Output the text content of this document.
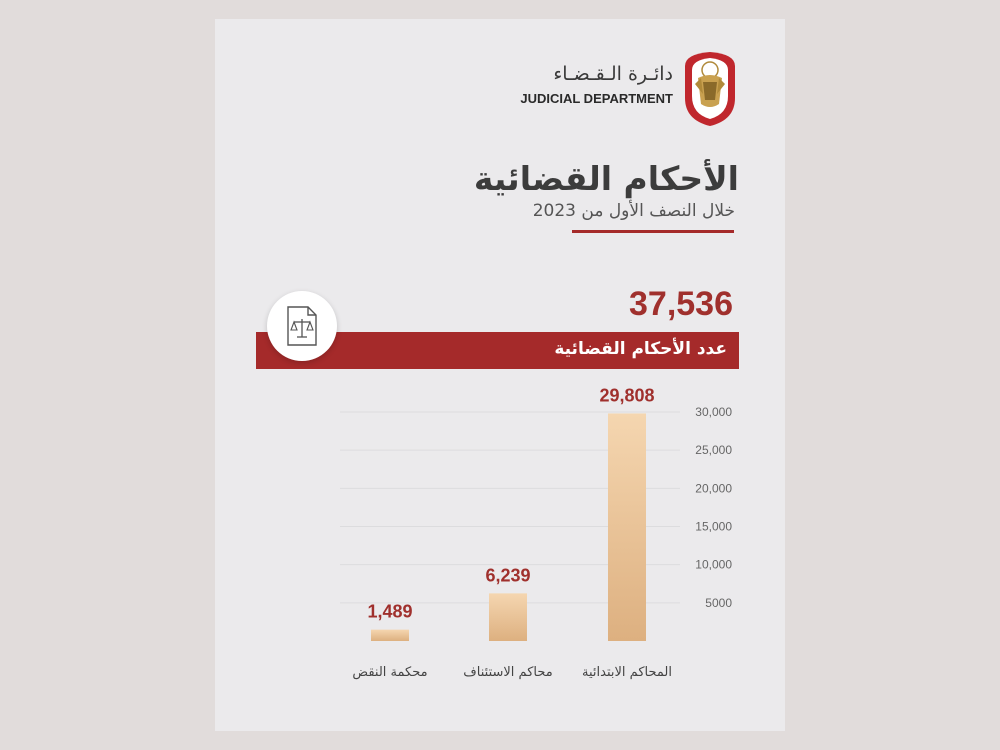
دائـرة الـقـضـاء
JUDICIAL DEPARTMENT
الأحكام القضائية
خلال النصف الأول من 2023
37,536
عدد الأحكام القضائية
5000
10,000
15,000
20,000
25,000
30,000
29,808
المحاكم الابتدائية
6,239
محاكم الاستئناف
1,489
محكمة النقض
